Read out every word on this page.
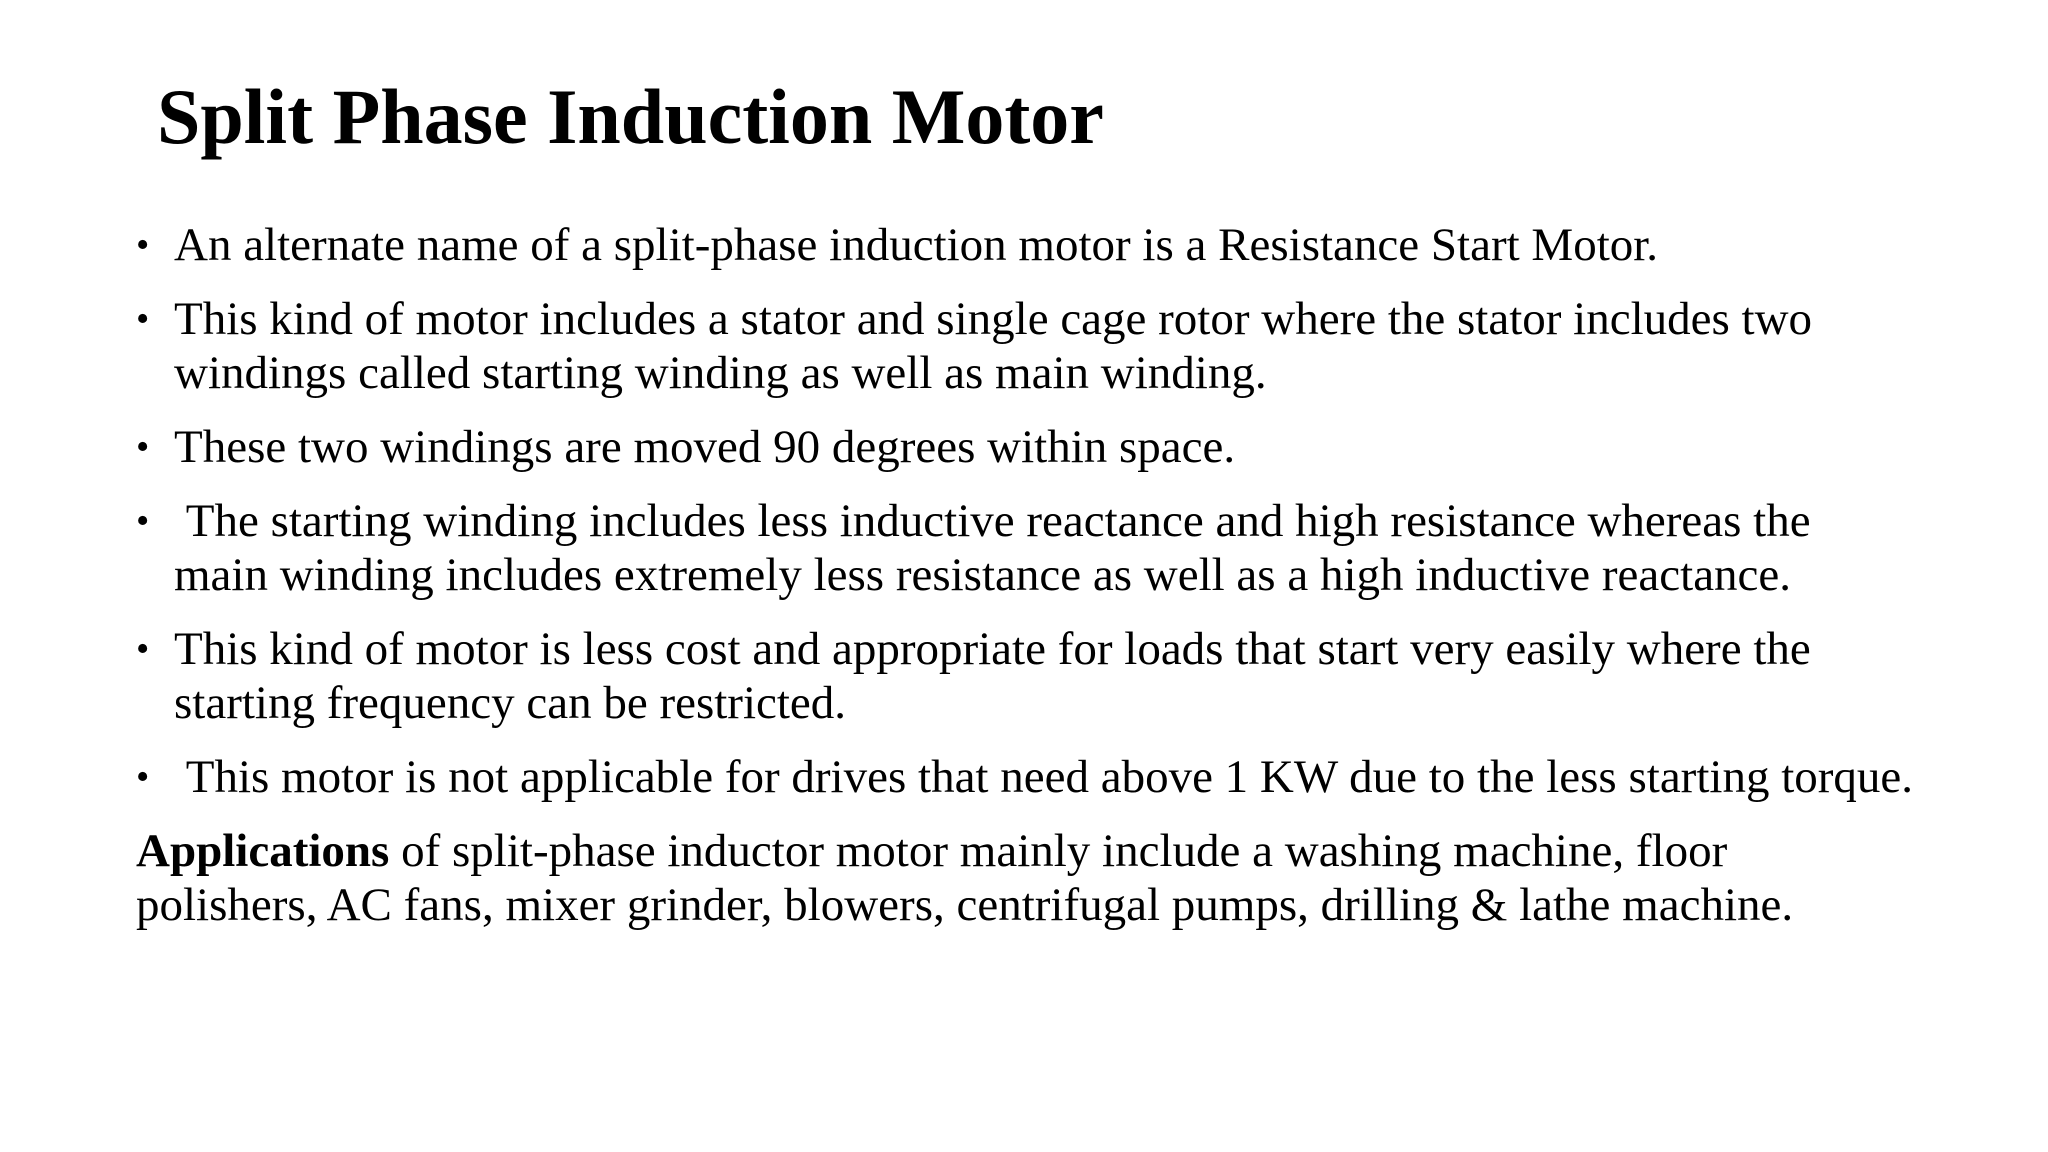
Split Phase Induction Motor
• An alternate name of a split-phase induction motor is a Resistance Start Motor.
• This kind of motor includes a stator and single cage rotor where the stator includes two windings called starting winding as well as main winding.
• These two windings are moved 90 degrees within space.
• The starting winding includes less inductive reactance and high resistance whereas the main winding includes extremely less resistance as well as a high inductive reactance.
• This kind of motor is less cost and appropriate for loads that start very easily where the starting frequency can be restricted.
• This motor is not applicable for drives that need above 1 KW due to the less starting torque.

Applications of split-phase inductor motor mainly include a washing machine, floor polishers, AC fans, mixer grinder, blowers, centrifugal pumps, drilling & lathe machine.
